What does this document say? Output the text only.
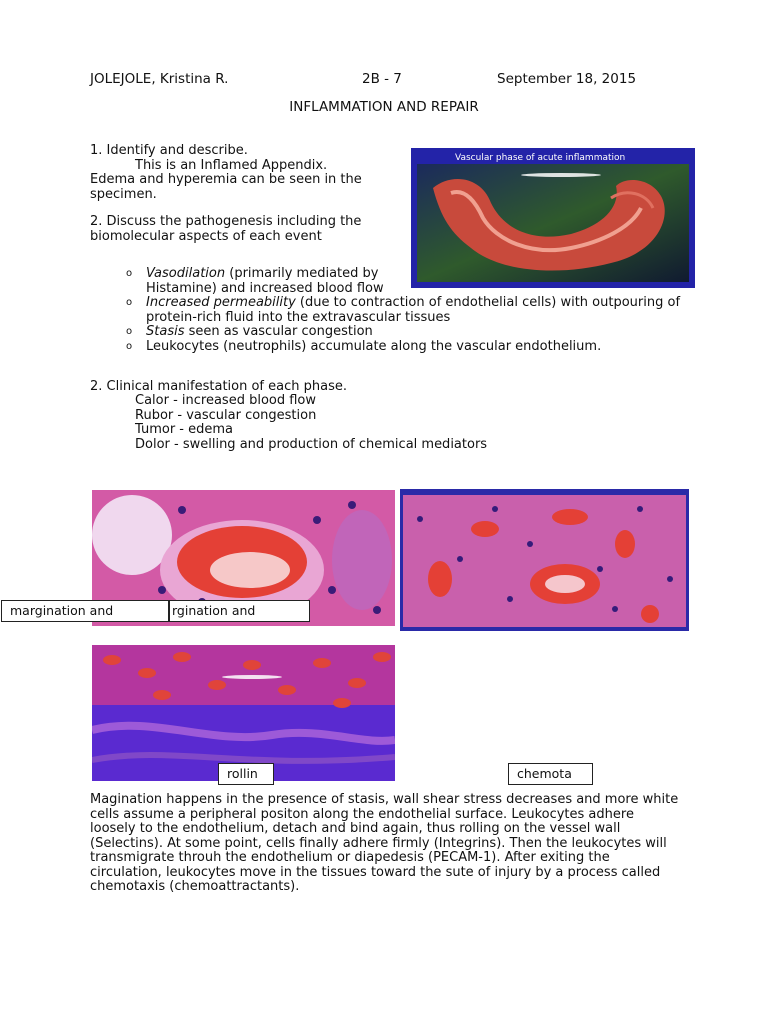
JOLEJOLE, Kristina R.	2B - 7	September 18, 2015
INFLAMMATION AND REPAIR
1. Identify and describe.
This is an Inflamed Appendix.
Edema and hyperemia can be seen in the specimen.
2. Discuss the pathogenesis including the biomolecular aspects of each event
o Vasodilation (primarily mediated by Histamine) and increased blood flow
o Increased permeability (due to contraction of endothelial cells) with outpouring of protein-rich fluid into the extravascular tissues
o Stasis seen as vascular congestion
o Leukocytes (neutrophils) accumulate along the vascular endothelium.
2. Clinical manifestation of each phase.
Calor - increased blood flow
Rubor - vascular congestion
Tumor - edema
Dolor - swelling and production of chemical mediators
Vascular phase of acute inflammation
margination and	rgination and
rollin	chemota
Magination happens in the presence of stasis, wall shear stress decreases and more white cells assume a peripheral positon along the endothelial surface. Leukocytes adhere loosely to the endothelium, detach and bind again, thus rolling on the vessel wall (Selectins). At some point, cells finally adhere firmly (Integrins). Then the leukocytes will transmigrate throuh the endothelium or diapedesis (PECAM-1). After exiting the circulation, leukocytes move in the tissues toward the sute of injury by a process called chemotaxis (chemoattractants).
